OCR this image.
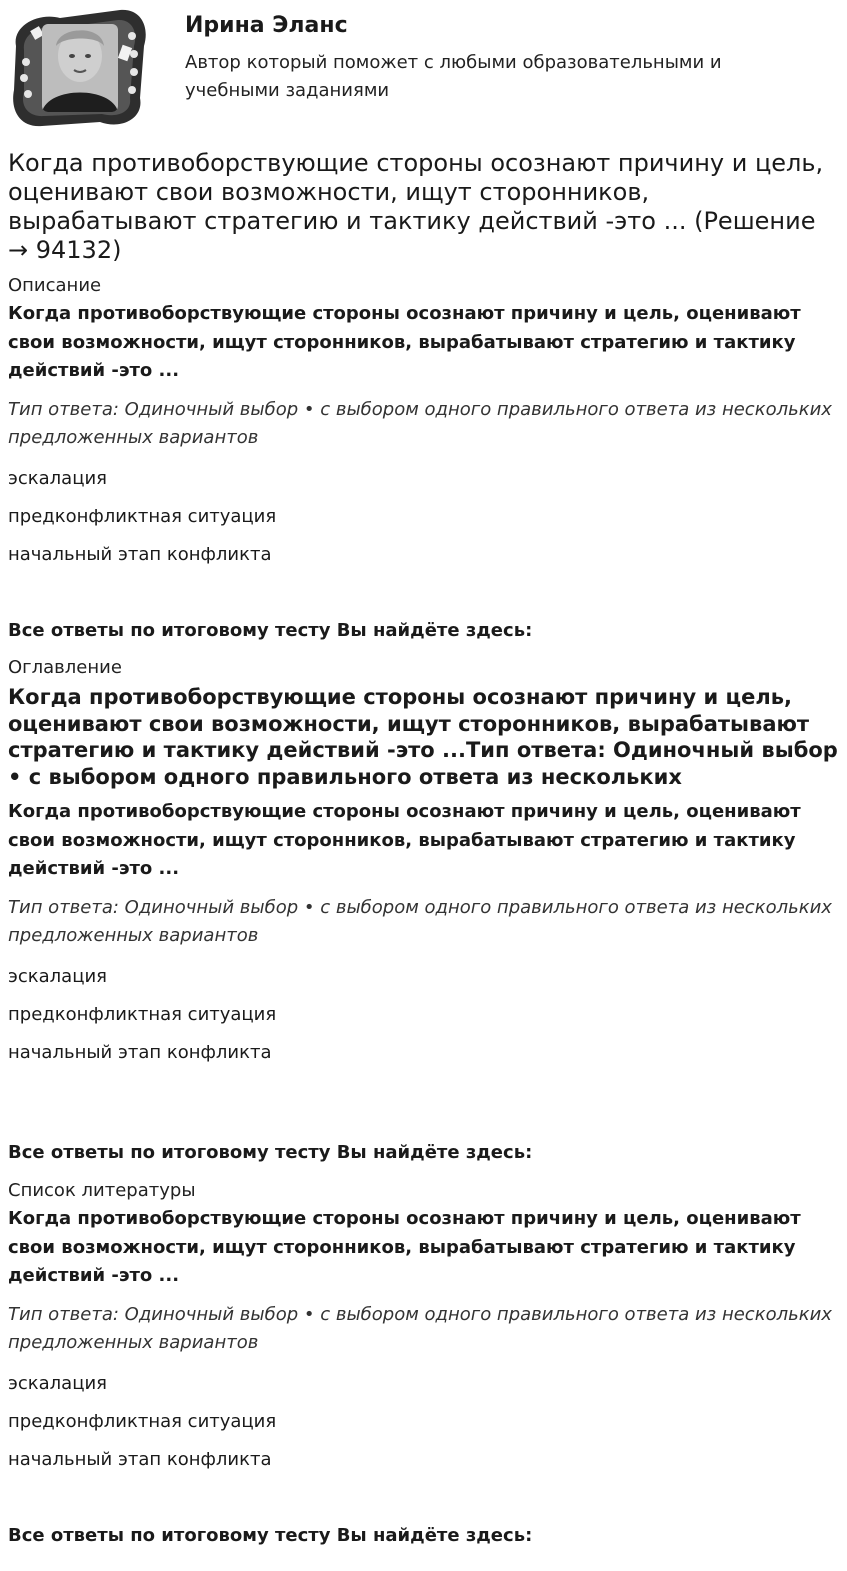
Ирина Эланс

Автор который поможет с любыми образовательными и учебными заданиями

Когда противоборствующие стороны осознают причину и цель, оценивают свои возможности, ищут сторонников, вырабатывают стратегию и тактику действий -это ... (Решение → 94132)

Описание

Когда противоборствующие стороны осознают причину и цель, оценивают свои возможности, ищут сторонников, вырабатывают стратегию и тактику действий -это ...

Тип ответа: Одиночный выбор • с выбором одного правильного ответа из нескольких предложенных вариантов

эскалация
предконфликтная ситуация
начальный этап конфликта

Все ответы по итоговому тесту Вы найдёте здесь:

Оглавление

Когда противоборствующие стороны осознают причину и цель, оценивают свои возможности, ищут сторонников, вырабатывают стратегию и тактику действий -это ...Тип ответа: Одиночный выбор • с выбором одного правильного ответа из нескольких

Когда противоборствующие стороны осознают причину и цель, оценивают свои возможности, ищут сторонников, вырабатывают стратегию и тактику действий -это ...

Тип ответа: Одиночный выбор • с выбором одного правильного ответа из нескольких предложенных вариантов

эскалация
предконфликтная ситуация
начальный этап конфликта

Все ответы по итоговому тесту Вы найдёте здесь:

Список литературы

Когда противоборствующие стороны осознают причину и цель, оценивают свои возможности, ищут сторонников, вырабатывают стратегию и тактику действий -это ...

Тип ответа: Одиночный выбор • с выбором одного правильного ответа из нескольких предложенных вариантов

эскалация
предконфликтная ситуация
начальный этап конфликта

Все ответы по итоговому тесту Вы найдёте здесь:
